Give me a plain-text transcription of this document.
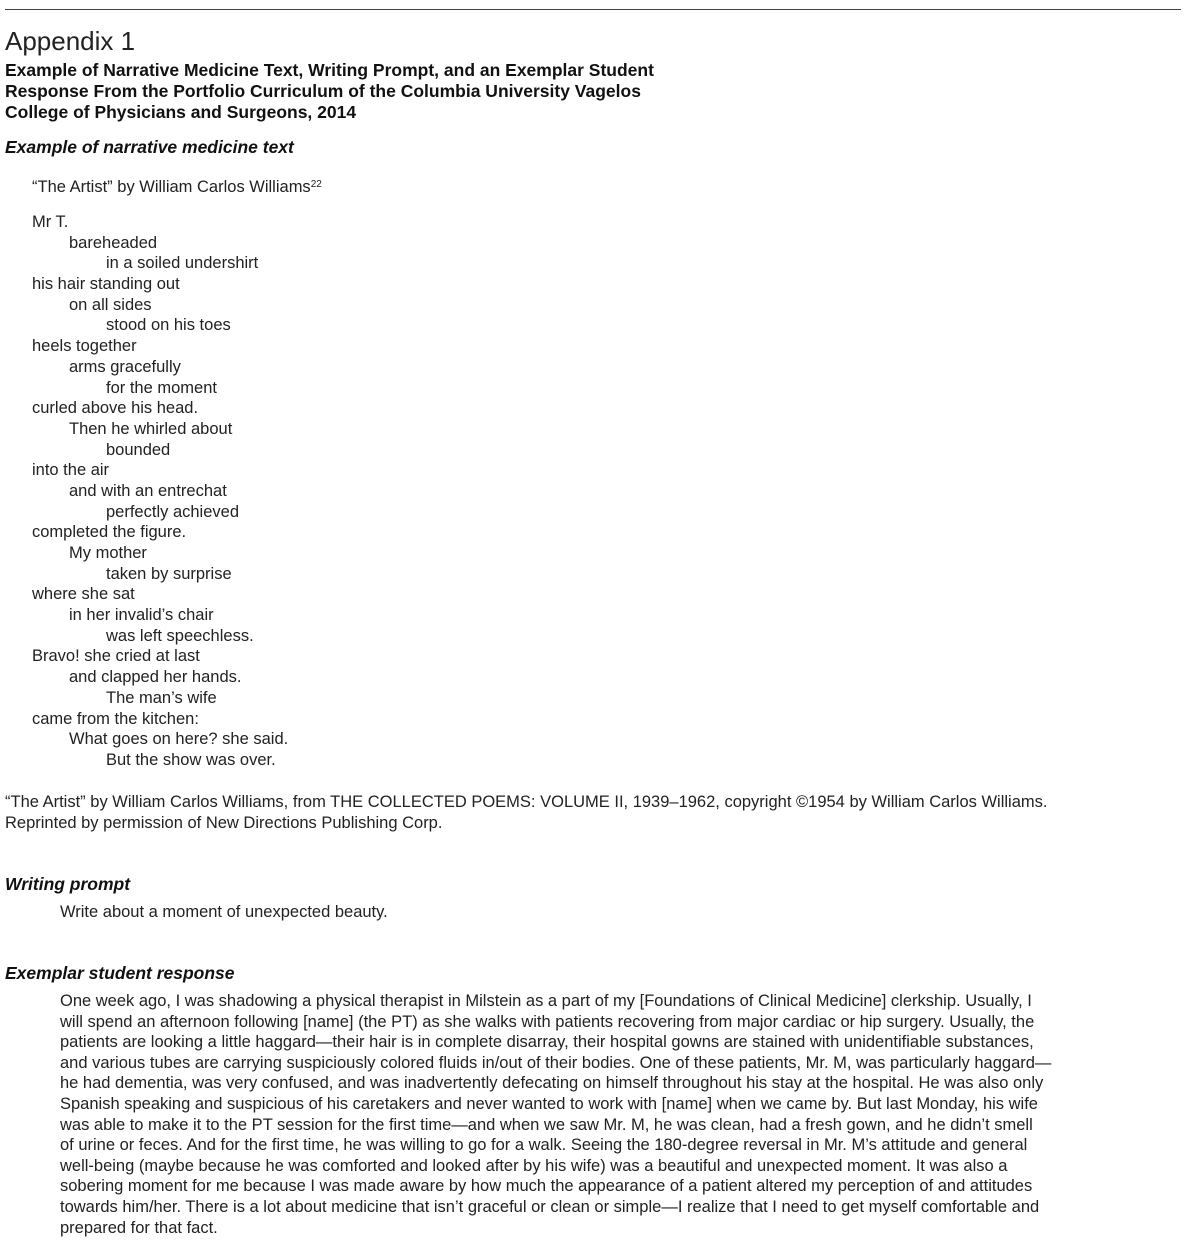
Appendix 1
Example of Narrative Medicine Text, Writing Prompt, and an Exemplar Student
Response From the Portfolio Curriculum of the Columbia University Vagelos
College of Physicians and Surgeons, 2014
Example of narrative medicine text
“The Artist” by William Carlos Williams$^{22}$
Mr T.
bareheaded
in a soiled undershirt
his hair standing out
on all sides
stood on his toes
heels together
arms gracefully
for the moment
curled above his head.
Then he whirled about
bounded
into the air
and with an entrechat
perfectly achieved
completed the figure.
My mother
taken by surprise
where she sat
in her invalid’s chair
was left speechless.
Bravo! she cried at last
and clapped her hands.
The man’s wife
came from the kitchen:
What goes on here? she said.
But the show was over.
“The Artist” by William Carlos Williams, from THE COLLECTED POEMS: VOLUME II, 1939–1962, copyright ©1954 by William Carlos Williams.
Reprinted by permission of New Directions Publishing Corp.
Writing prompt
Write about a moment of unexpected beauty.
Exemplar student response
One week ago, I was shadowing a physical therapist in Milstein as a part of my [Foundations of Clinical Medicine] clerkship. Usually, I
will spend an afternoon following [name] (the PT) as she walks with patients recovering from major cardiac or hip surgery. Usually, the
patients are looking a little haggard—their hair is in complete disarray, their hospital gowns are stained with unidentifiable substances,
and various tubes are carrying suspiciously colored fluids in/out of their bodies. One of these patients, Mr. M, was particularly haggard—
he had dementia, was very confused, and was inadvertently defecating on himself throughout his stay at the hospital. He was also only
Spanish speaking and suspicious of his caretakers and never wanted to work with [name] when we came by. But last Monday, his wife
was able to make it to the PT session for the first time—and when we saw Mr. M, he was clean, had a fresh gown, and he didn’t smell
of urine or feces. And for the first time, he was willing to go for a walk. Seeing the 180-degree reversal in Mr. M’s attitude and general
well-being (maybe because he was comforted and looked after by his wife) was a beautiful and unexpected moment. It was also a
sobering moment for me because I was made aware by how much the appearance of a patient altered my perception of and attitudes
towards him/her. There is a lot about medicine that isn’t graceful or clean or simple—I realize that I need to get myself comfortable and
prepared for that fact.
